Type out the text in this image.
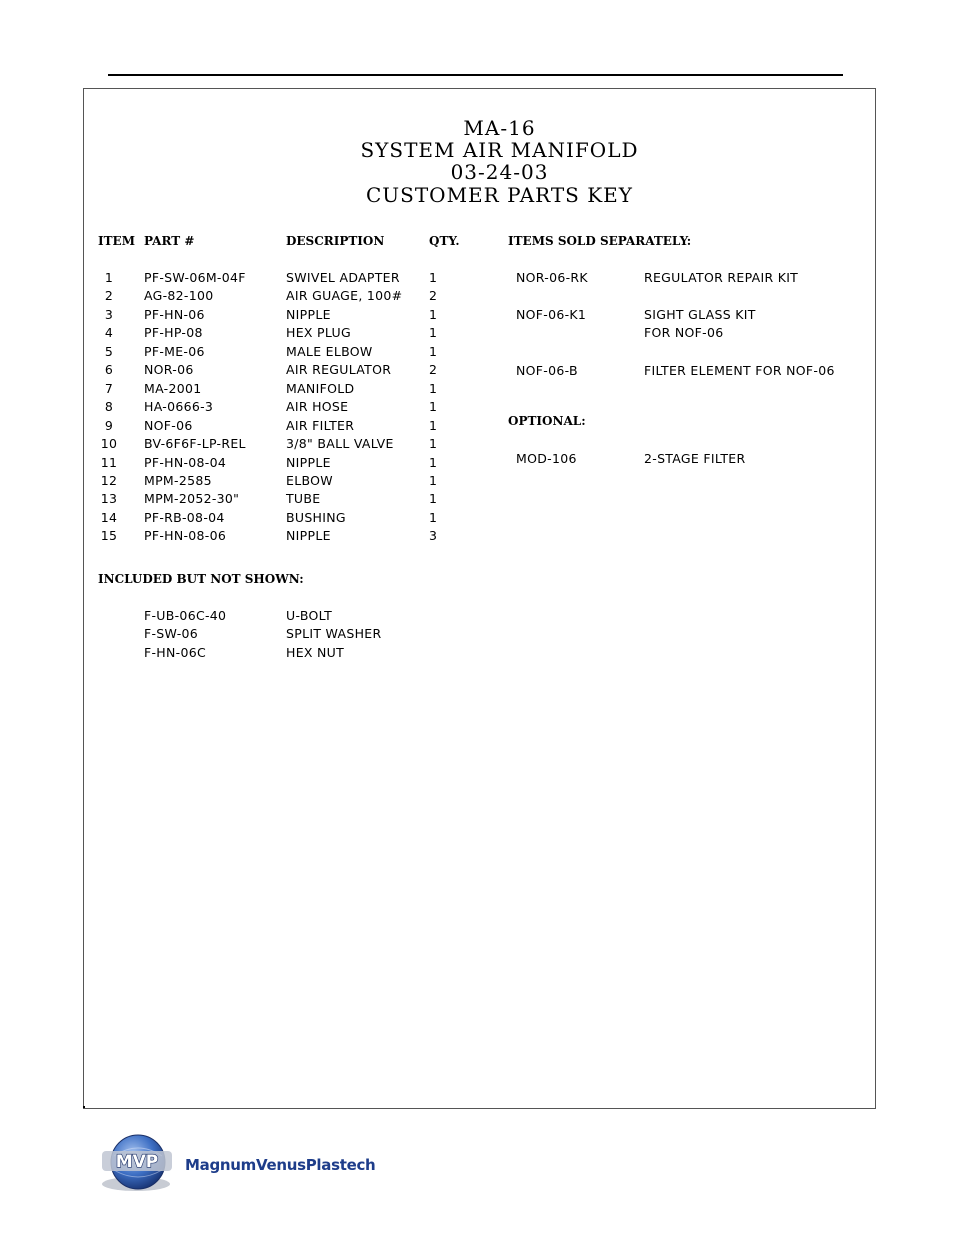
MA-16
SYSTEM AIR MANIFOLD
03-24-03
CUSTOMER PARTS KEY
ITEM PART #	DESCRIPTION	QTY.
1	PF-SW-06M-04F	SWIVEL ADAPTER 1
2	AG-82-100	AIR GUAGE, 100# 2
3	PF-HN-06	NIPPLE	1
4	PF-HP-08	HEX PLUG	1
5	PF-ME-06	MALE ELBOW	1
6	NOR-06	AIR REGULATOR	2
7	MA-2001	MANIFOLD	1
8	HA-0666-3	AIR HOSE	1
9	NOF-06	AIR FILTER	1
10	BV-6F6F-LP-REL	3/8" BALL VALVE	1
11	PF-HN-08-04	NIPPLE	1
12	MPM-2585	ELBOW	1
13	MPM-2052-30"	TUBE	1
14	PF-RB-08-04	BUSHING	1
15	PF-HN-08-06	NIPPLE	3
ITEMS SOLD SEPARATELY:
NOR-06-RK	REGULATOR REPAIR KIT
NOF-06-K1	SIGHT GLASS KIT
FOR NOF-06
NOF-06-B	FILTER ELEMENT FOR NOF-06
OPTIONAL:
MOD-106	2-STAGE FILTER
INCLUDED BUT NOT SHOWN:
F-UB-06C-40	U-BOLT
F-SW-06	SPLIT WASHER
F-HN-06C	HEX NUT
MVP MagnumVenusPlastech
